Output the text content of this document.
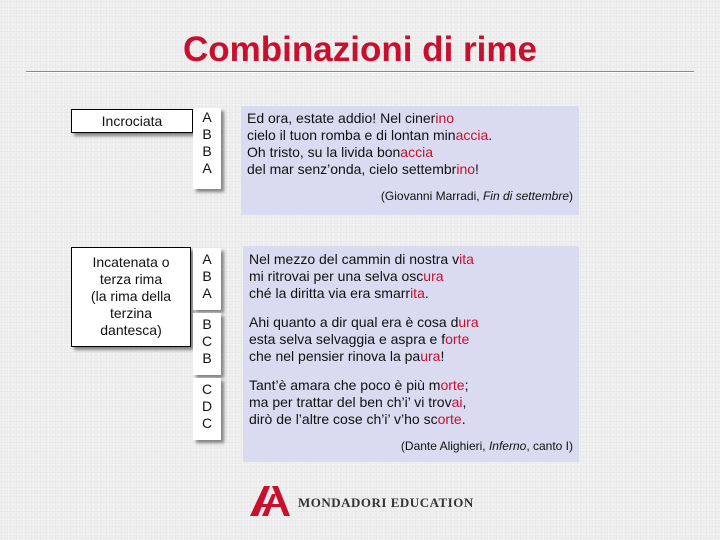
Combinazioni di rime
Incrociata	A
B
B
A
Ed ora, estate addio! Nel cinerino
cielo il tuon romba e di lontan minaccia.
Oh tristo, su la livida bonaccia
del mar senz’onda, cielo settembrino!
(Giovanni Marradi, Fin di settembre)
Incatenata o
terza rima
(la rima della
terzina
dantesca)
A
B
A
B
C
B
C
D
C
Nel mezzo del cammin di nostra vita
mi ritrovai per una selva oscura
ché la diritta via era smarrita.
Ahi quanto a dir qual era è cosa dura
esta selva selvaggia e aspra e forte
che nel pensier rinova la paura!
Tant’è amara che poco è più morte;
ma per trattar del ben ch’i’ vi trovai,
dirò de l’altre cose ch’i’ v’ho scorte.
(Dante Alighieri, Inferno, canto I)
MONDADORI EDUCATION
